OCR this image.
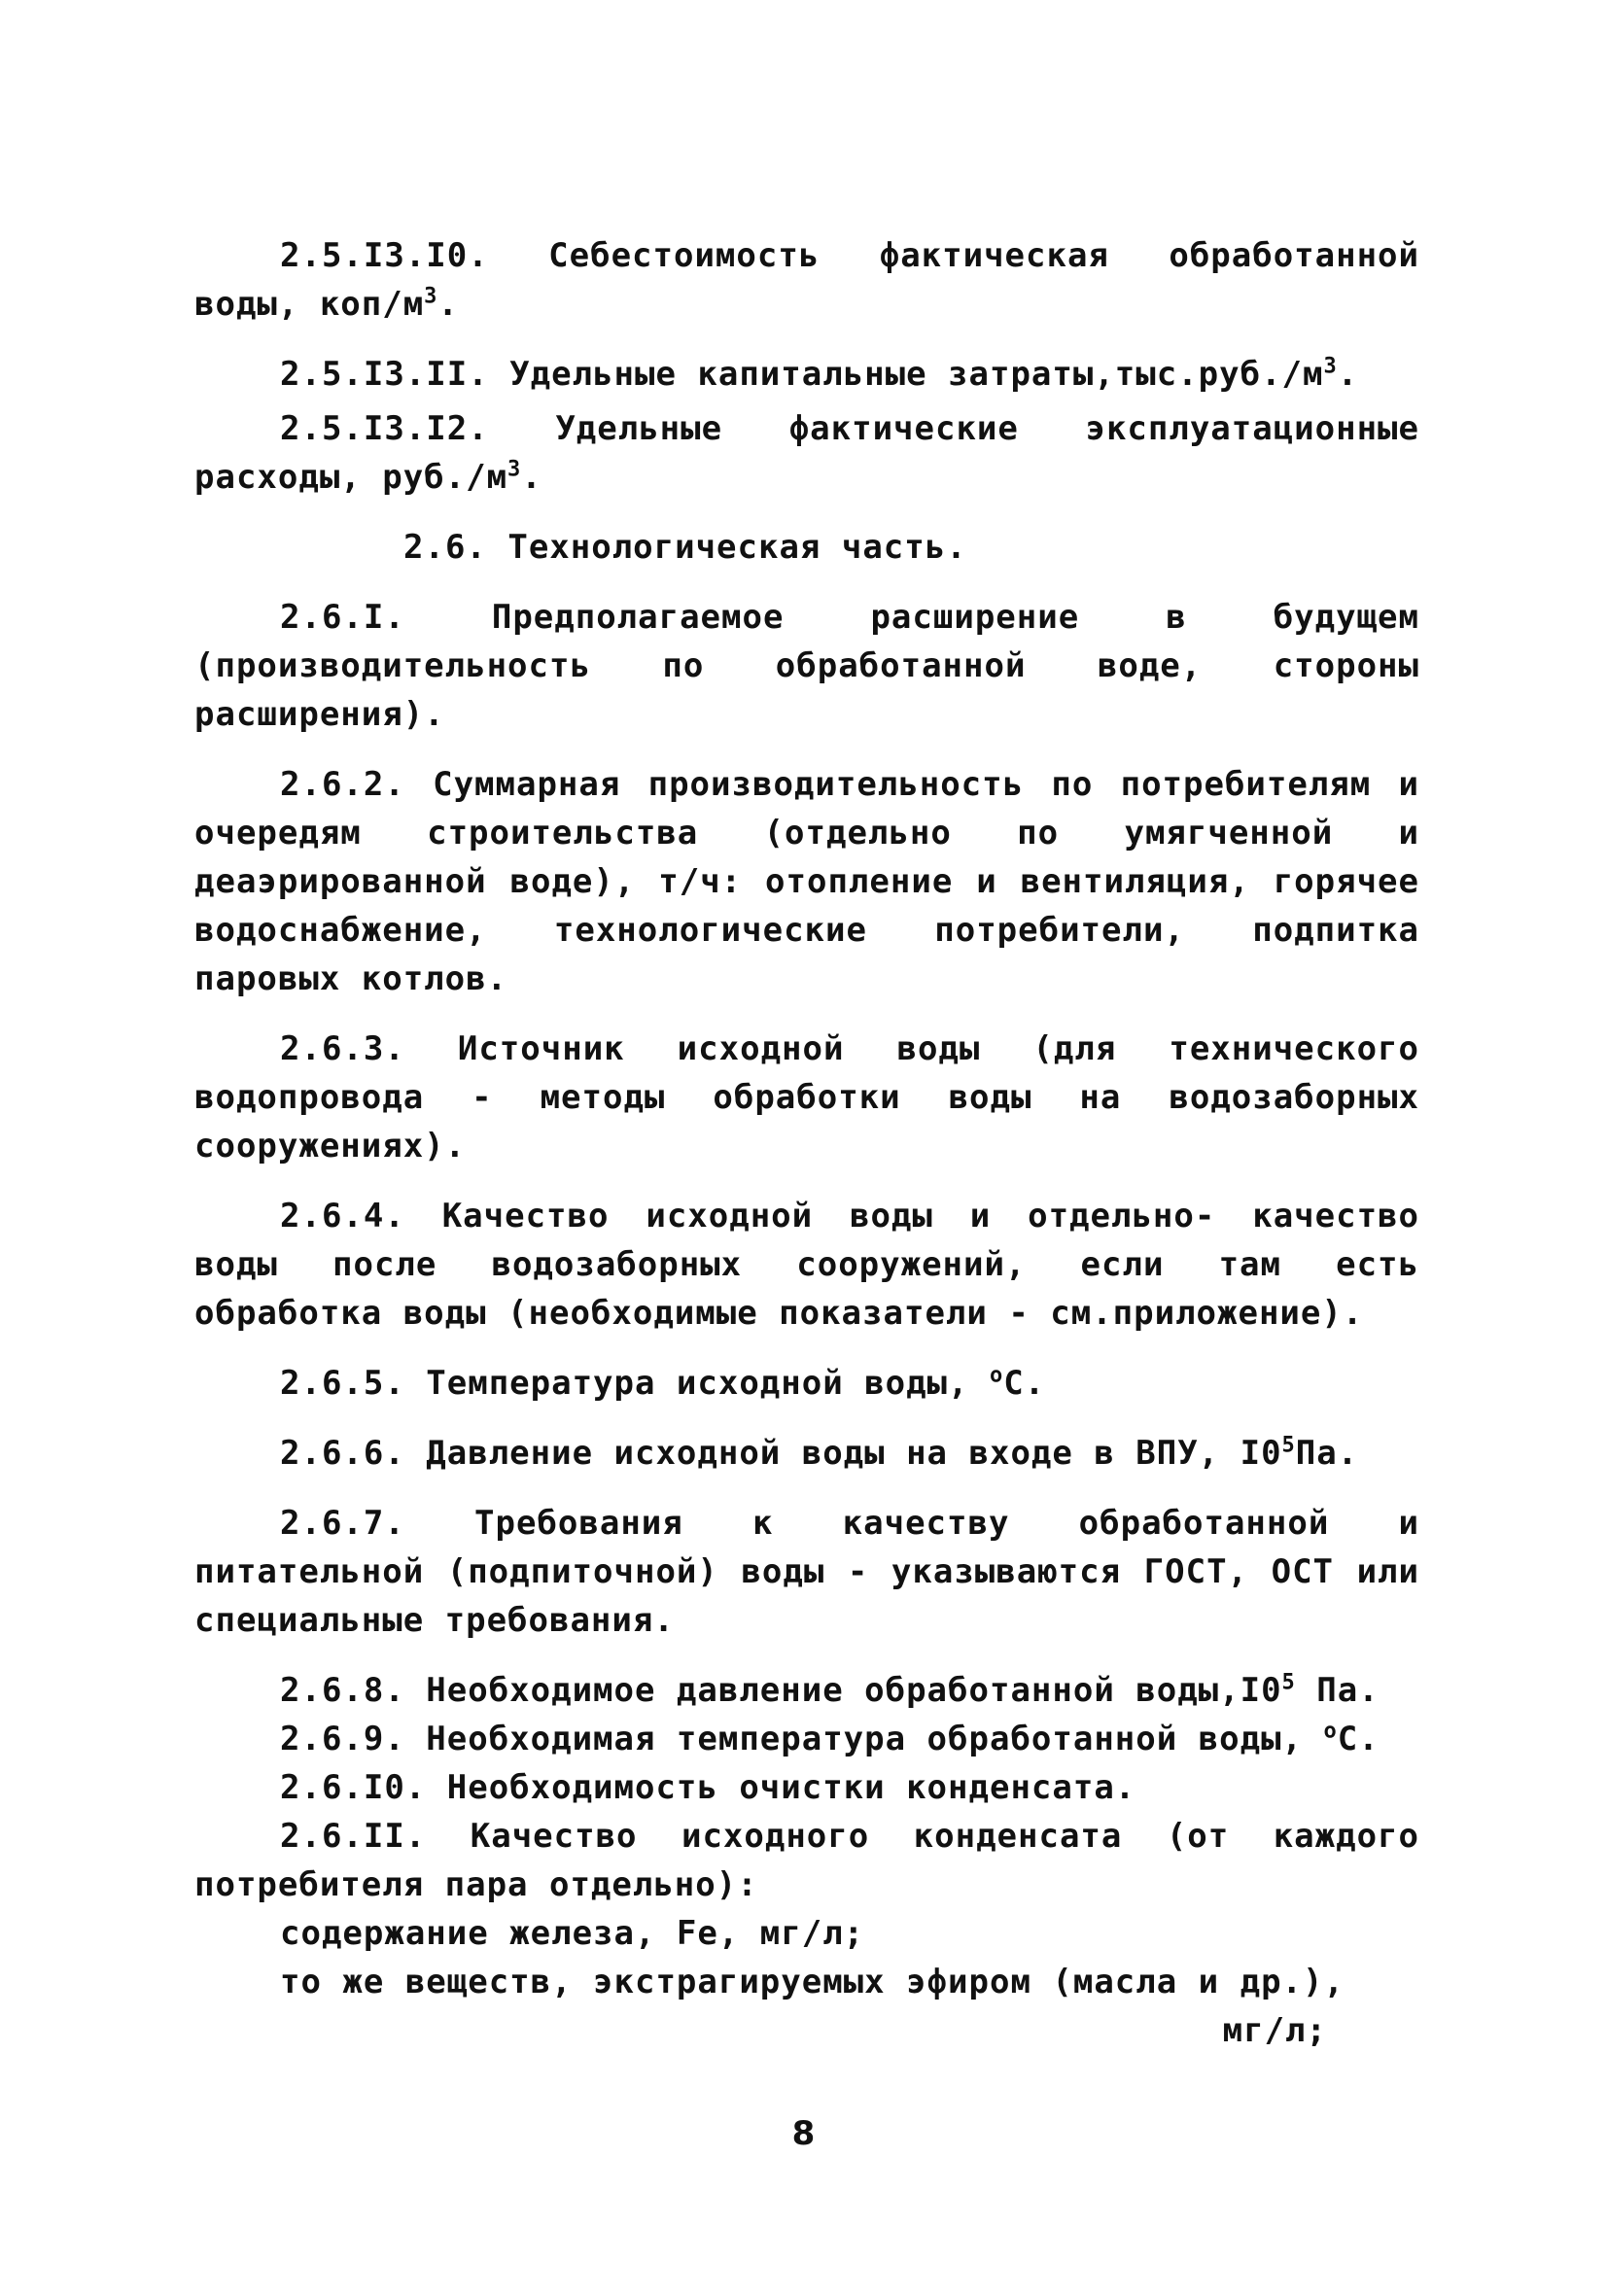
2.5.I3.I0. Себестоимость фактическая обработанной воды, коп/$м^3$.

2.5.I3.II. Удельные капитальные $затраты,тыс.руб./м^3$.

2.5.I3.I2. Удельные фактические эксплуатационные расходы, $руб./м^3$.

2.6. Технологическая часть.

2.6.I. Предполагаемое расширение в будущем (производительность по обработанной воде, стороны расширения).

2.6.2. Суммарная производительность по потребителям и очередям строительства (отдельно по умягченной и деаэрированной воде), т/ч: отопление и вентиляция, горячее водоснабжение, технологические потребители, подпитка паровых котлов.

2.6.3. Источник исходной воды (для технического водопровода - методы обработки воды на водозаборных сооружениях).

2.6.4. Качество исходной воды и отдельно- качество воды после водозаборных сооружений, если там есть обработка воды (необходимые показатели - см.приложение).

2.6.5. Температура исходной воды, $^о$С.

2.6.6. Давление исходной воды на входе в ВПУ, $I0^5Па$.

2.6.7. Требования к качеству обработанной и питательной (подпиточной) воды - указываются ГОСТ, ОСТ или специальные требования.

2.6.8. Необходимое давление обработанной $воды,I0^5$ Па.

2.6.9. Необходимая температура обработанной воды, $^о$С.

2.6.I0. Необходимость очистки конденсата.

2.6.II. Качество исходного конденсата (от каждого потребителя пара отдельно):

содержание железа, Fe, мг/л;

то же веществ, экстрагируемых эфиром (масла и др.),

мг/л;

8
